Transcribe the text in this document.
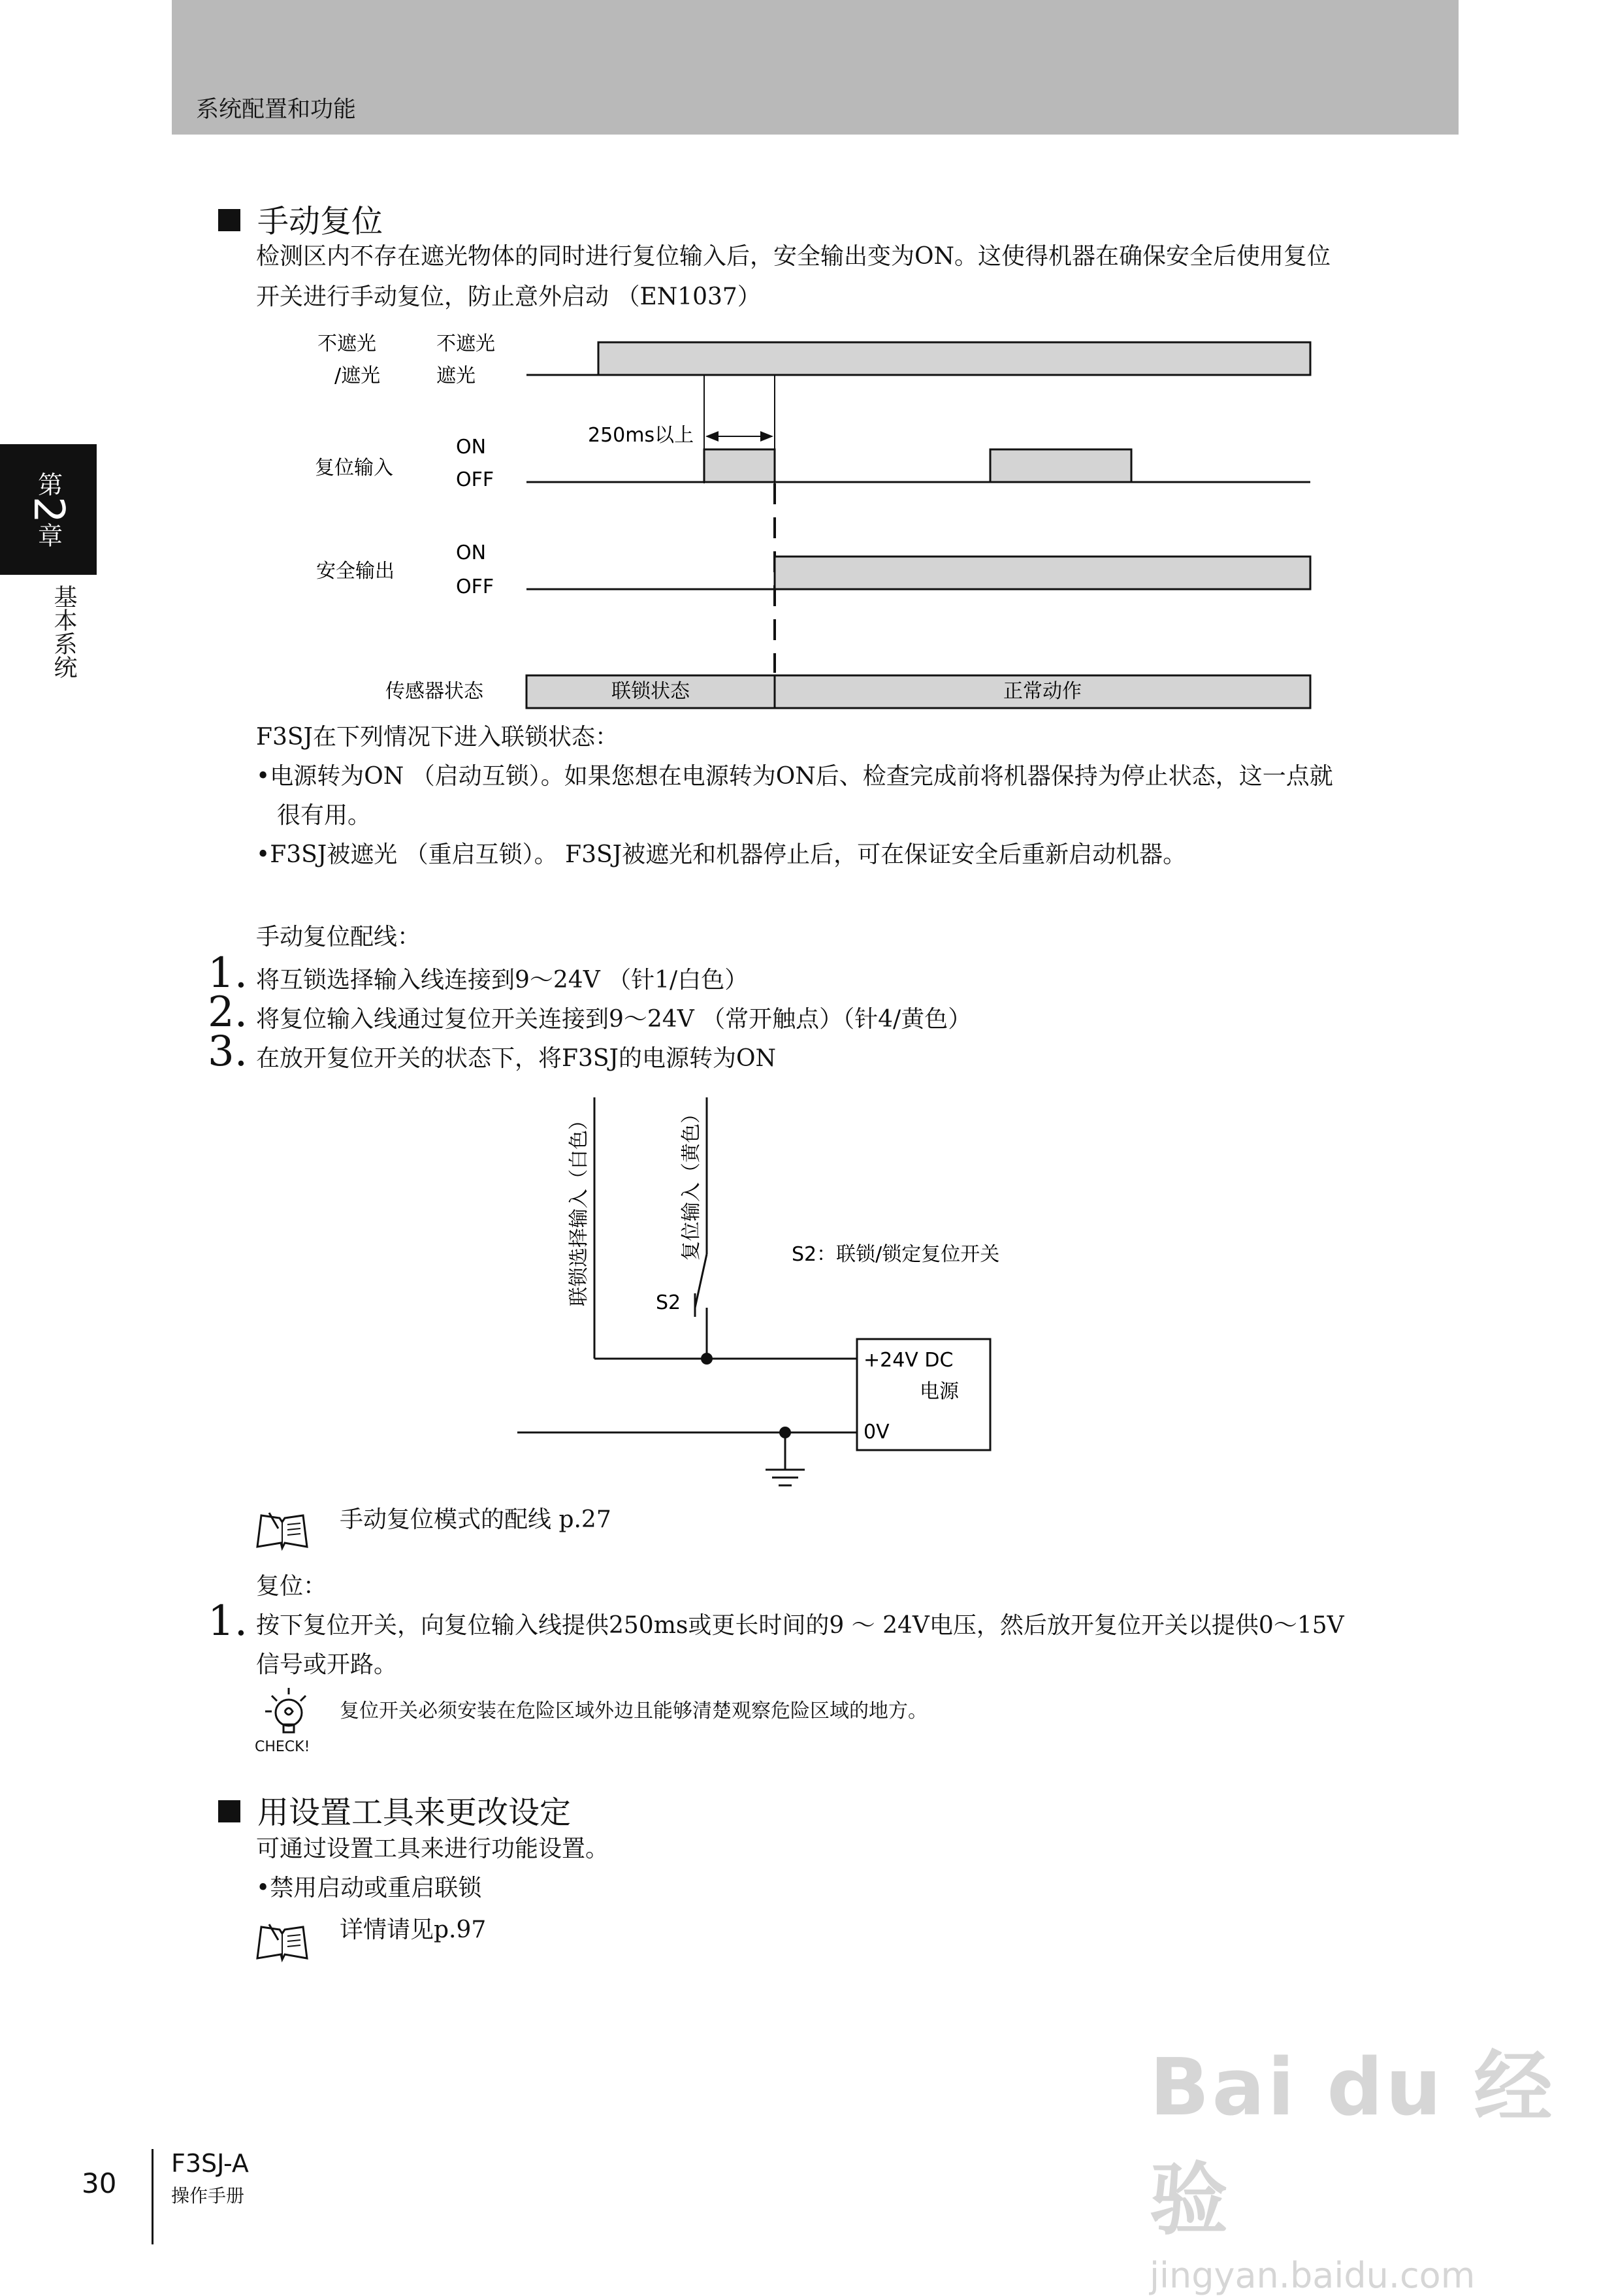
系统配置和功能
第
2
章
基本系统
手动复位
检测区内不存在遮光物体的同时进行复位输入后，安全输出变为ON。这使得机器在确保安全后使用复位
开关进行手动复位，防止意外启动 （EN1037）
不遮光
/遮光
不遮光
遮光
250ms以上
复位输入
ON
OFF
安全输出
ON
OFF
传感器状态	联锁状态	正常动作
F3SJ在下列情况下进入联锁状态：
•电源转为ON （启动互锁）。如果您想在电源转为ON后、检查完成前将机器保持为停止状态，这一点就
很有用。
•F3SJ被遮光 （重启互锁）。 F3SJ被遮光和机器停止后，可在保证安全后重新启动机器。
手动复位配线：
1. 将互锁选择输入线连接到9～24V （针1/白色）
2. 将复位输入线通过复位开关连接到9～24V （常开触点）（针4/黄色）
3. 在放开复位开关的状态下，将F3SJ的电源转为ON
联锁选择输入（白色）	复位输入（黄色）
S2
S2：联锁/锁定复位开关
+24V DC
电源
0V
手动复位模式的配线 p.27
复位：
1. 按下复位开关，向复位输入线提供250ms或更长时间的9 ～ 24V电压，然后放开复位开关以提供0～15V
信号或开路。
CHECK!
复位开关必须安装在危险区域外边且能够清楚观察危险区域的地方。
用设置工具来更改设定
可通过设置工具来进行功能设置。
•禁用启动或重启联锁
详情请见p.97
Bai du 经验
jingyan.baidu.com
30
F3SJ-A
操作手册
